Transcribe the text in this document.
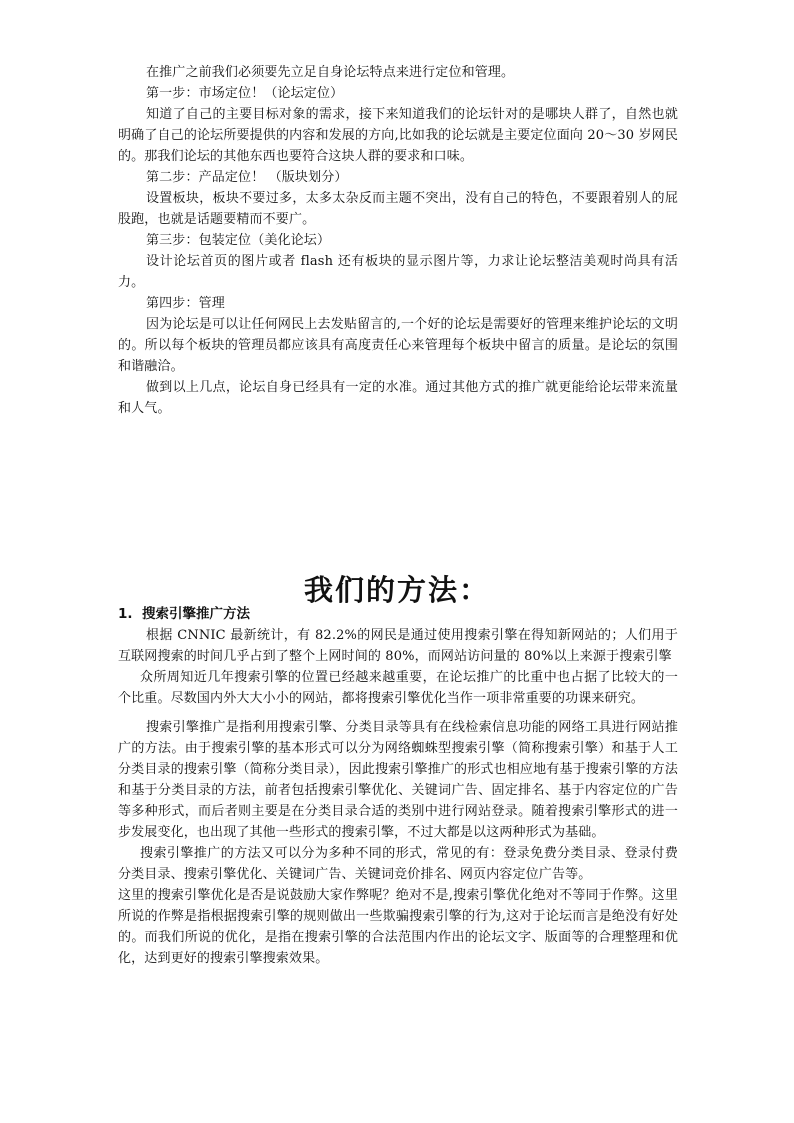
在推广之前我们必须要先立足自身论坛特点来进行定位和管理。

第一步：市场定位！（论坛定位）

知道了自己的主要目标对象的需求，接下来知道我们的论坛针对的是哪块人群了，自然也就明确了自己的论坛所要提供的内容和发展的方向,比如我的论坛就是主要定位面向 20～30 岁网民的。那我们论坛的其他东西也要符合这块人群的要求和口味。

第二步：产品定位！ （版块划分）

设置板块，板块不要过多，太多太杂反而主题不突出，没有自己的特色，不要跟着别人的屁股跑，也就是话题要精而不要广。

第三步：包装定位（美化论坛）

设计论坛首页的图片或者 flash 还有板块的显示图片等，力求让论坛整洁美观时尚具有活力。

第四步：管理

因为论坛是可以让任何网民上去发贴留言的,一个好的论坛是需要好的管理来维护论坛的文明的。所以每个板块的管理员都应该具有高度责任心来管理每个板块中留言的质量。是论坛的氛围和谐融洽。

做到以上几点，论坛自身已经具有一定的水准。通过其他方式的推广就更能给论坛带来流量和人气。

我们的方法：

1. 搜索引擎推广方法

根据 CNNIC 最新统计，有 82.2%的网民是通过使用搜索引擎在得知新网站的；人们用于互联网搜索的时间几乎占到了整个上网时间的 80%，而网站访问量的 80%以上来源于搜索引擎

众所周知近几年搜索引擎的位置已经越来越重要，在论坛推广的比重中也占据了比较大的一个比重。尽数国内外大大小小的网站，都将搜索引擎优化当作一项非常重要的功课来研究。

搜索引擎推广是指利用搜索引擎、分类目录等具有在线检索信息功能的网络工具进行网站推广的方法。由于搜索引擎的基本形式可以分为网络蜘蛛型搜索引擎（简称搜索引擎）和基于人工分类目录的搜索引擎（简称分类目录），因此搜索引擎推广的形式也相应地有基于搜索引擎的方法和基于分类目录的方法，前者包括搜索引擎优化、关键词广告、固定排名、基于内容定位的广告等多种形式，而后者则主要是在分类目录合适的类别中进行网站登录。随着搜索引擎形式的进一步发展变化，也出现了其他一些形式的搜索引擎，不过大都是以这两种形式为基础。

搜索引擎推广的方法又可以分为多种不同的形式，常见的有：登录免费分类目录、登录付费分类目录、搜索引擎优化、关键词广告、关键词竞价排名、网页内容定位广告等。

这里的搜索引擎优化是否是说鼓励大家作弊呢？绝对不是,搜索引擎优化绝对不等同于作弊。这里所说的作弊是指根据搜索引擎的规则做出一些欺骗搜索引擎的行为,这对于论坛而言是绝没有好处的。而我们所说的优化，是指在搜索引擎的合法范围内作出的论坛文字、版面等的合理整理和优化，达到更好的搜索引擎搜索效果。
